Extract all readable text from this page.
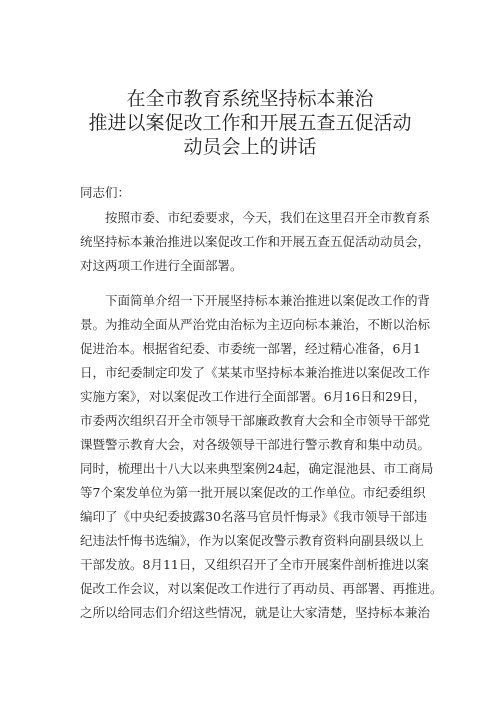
在全市教育系统坚持标本兼治
推进以案促改工作和开展五查五促活动
动员会上的讲话
同志们：
按照市委、市纪委要求，今天，我们在这里召开全市教育系
统坚持标本兼治推进以案促改工作和开展五查五促活动动员会，
对这两项工作进行全面部署。
下面简单介绍一下开展坚持标本兼治推进以案促改工作的背
景。为推动全面从严治党由治标为主迈向标本兼治，不断以治标
促进治本。根据省纪委、市委统一部署，经过精心准备，6月1
日，市纪委制定印发了《某某市坚持标本兼治推进以案促改工作
实施方案》，对以案促改工作进行全面部署。6月16日和29日，
市委两次组织召开全市领导干部廉政教育大会和全市领导干部党
课暨警示教育大会，对各级领导干部进行警示教育和集中动员。
同时，梳理出十八大以来典型案例24起，确定混池县、市工商局
等7个案发单位为第一批开展以案促改的工作单位。市纪委组织
编印了《中央纪委披露30名落马官员忏悔录》《我市领导干部违
纪违法忏悔书选编》，作为以案促改警示教育资料向副县级以上
干部发放。8月11日，又组织召开了全市开展案件剖析推进以案
促改工作会议，对以案促改工作进行了再动员、再部署、再推进。
之所以给同志们介绍这些情况，就是让大家清楚，坚持标本兼治
